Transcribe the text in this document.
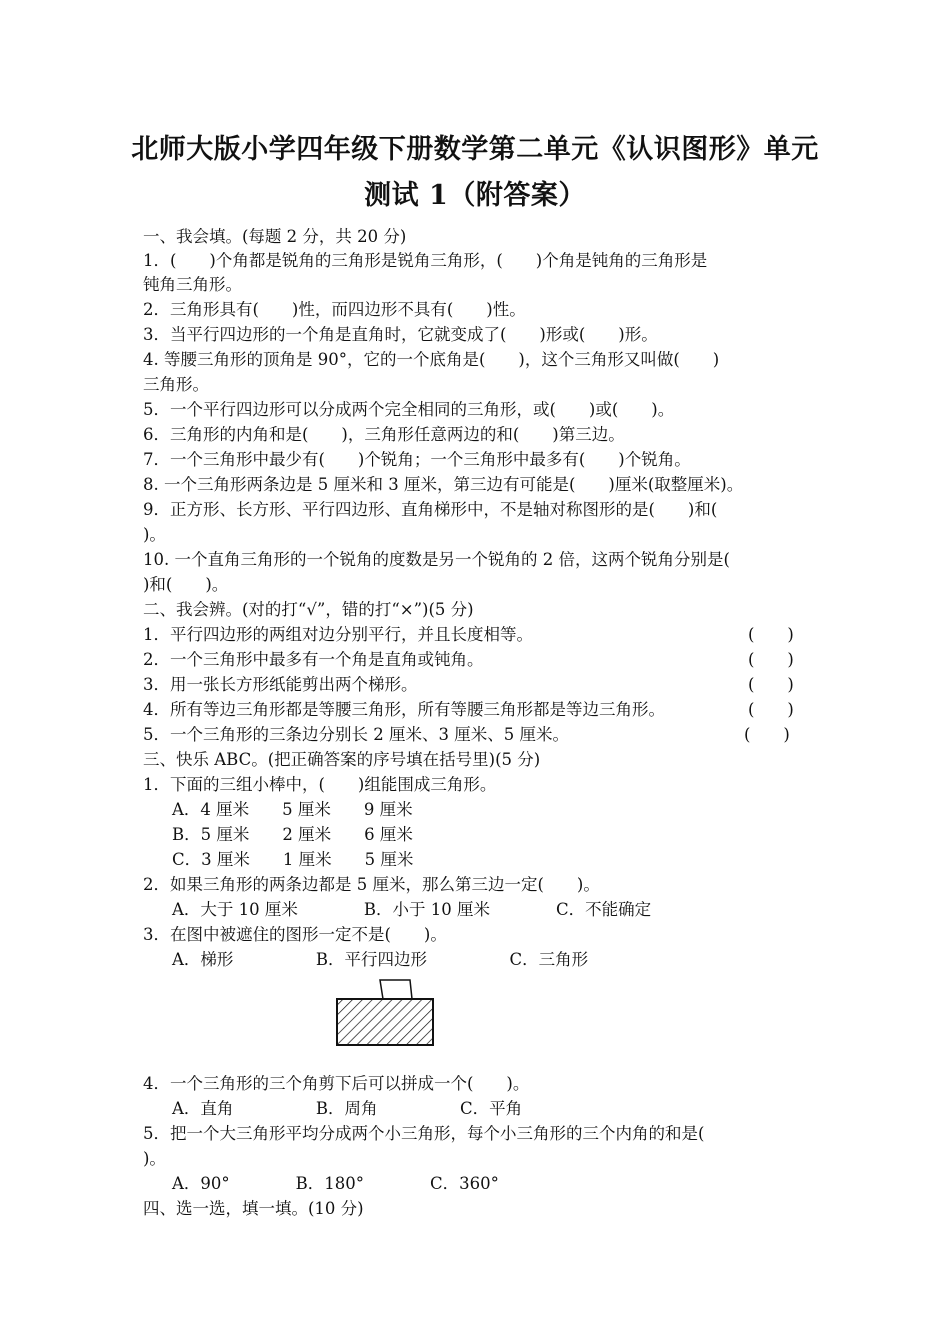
北师大版小学四年级下册数学第二单元《认识图形》单元
测试 1（附答案）
一、我会填。(每题 2 分，共 20 分)
1．(　　)个角都是锐角的三角形是锐角三角形，(　　)个角是钝角的三角形是
钝角三角形。
2．三角形具有(　　)性，而四边形不具有(　　)性。
3．当平行四边形的一个角是直角时，它就变成了(　　)形或(　　)形。
4. 等腰三角形的顶角是 90°，它的一个底角是(　　)，这个三角形又叫做(　　)
三角形。
5．一个平行四边形可以分成两个完全相同的三角形，或(　　)或(　　)。
6．三角形的内角和是(　　)，三角形任意两边的和(　　)第三边。
7．一个三角形中最少有(　　)个锐角；一个三角形中最多有(　　)个锐角。
8. 一个三角形两条边是 5 厘米和 3 厘米，第三边有可能是(　　)厘米(取整厘米)。
9．正方形、长方形、平行四边形、直角梯形中，不是轴对称图形的是(　　)和(
)。
10. 一个直角三角形的一个锐角的度数是另一个锐角的 2 倍，这两个锐角分别是(
)和(　　)。
二、我会辨。(对的打“√”，错的打“×”)(5 分)
1．平行四边形的两组对边分别平行，并且长度相等。	(　　)
2．一个三角形中最多有一个角是直角或钝角。	(　　)
3．用一张长方形纸能剪出两个梯形。	(　　)
4．所有等边三角形都是等腰三角形，所有等腰三角形都是等边三角形。	(　　)
5．一个三角形的三条边分别长 2 厘米、3 厘米、5 厘米。	(　　)
三、快乐 ABC。(把正确答案的序号填在括号里)(5 分)
1．下面的三组小棒中，(　　)组能围成三角形。
A．4 厘米　　5 厘米　　9 厘米
B．5 厘米　　2 厘米　　6 厘米
C．3 厘米　　1 厘米　　5 厘米
2．如果三角形的两条边都是 5 厘米，那么第三边一定(　　)。
A．大于 10 厘米　　　　B．小于 10 厘米　　　　C．不能确定
3．在图中被遮住的图形一定不是(　　)。
A．梯形　　　　　B．平行四边形　　　　　C．三角形
4．一个三角形的三个角剪下后可以拼成一个(　　)。
A．直角　　　　　B．周角　　　　　C．平角
5．把一个大三角形平均分成两个小三角形，每个小三角形的三个内角的和是(
)。
A．90°　　　　B．180°　　　　C．360°
四、选一选，填一填。(10 分)
